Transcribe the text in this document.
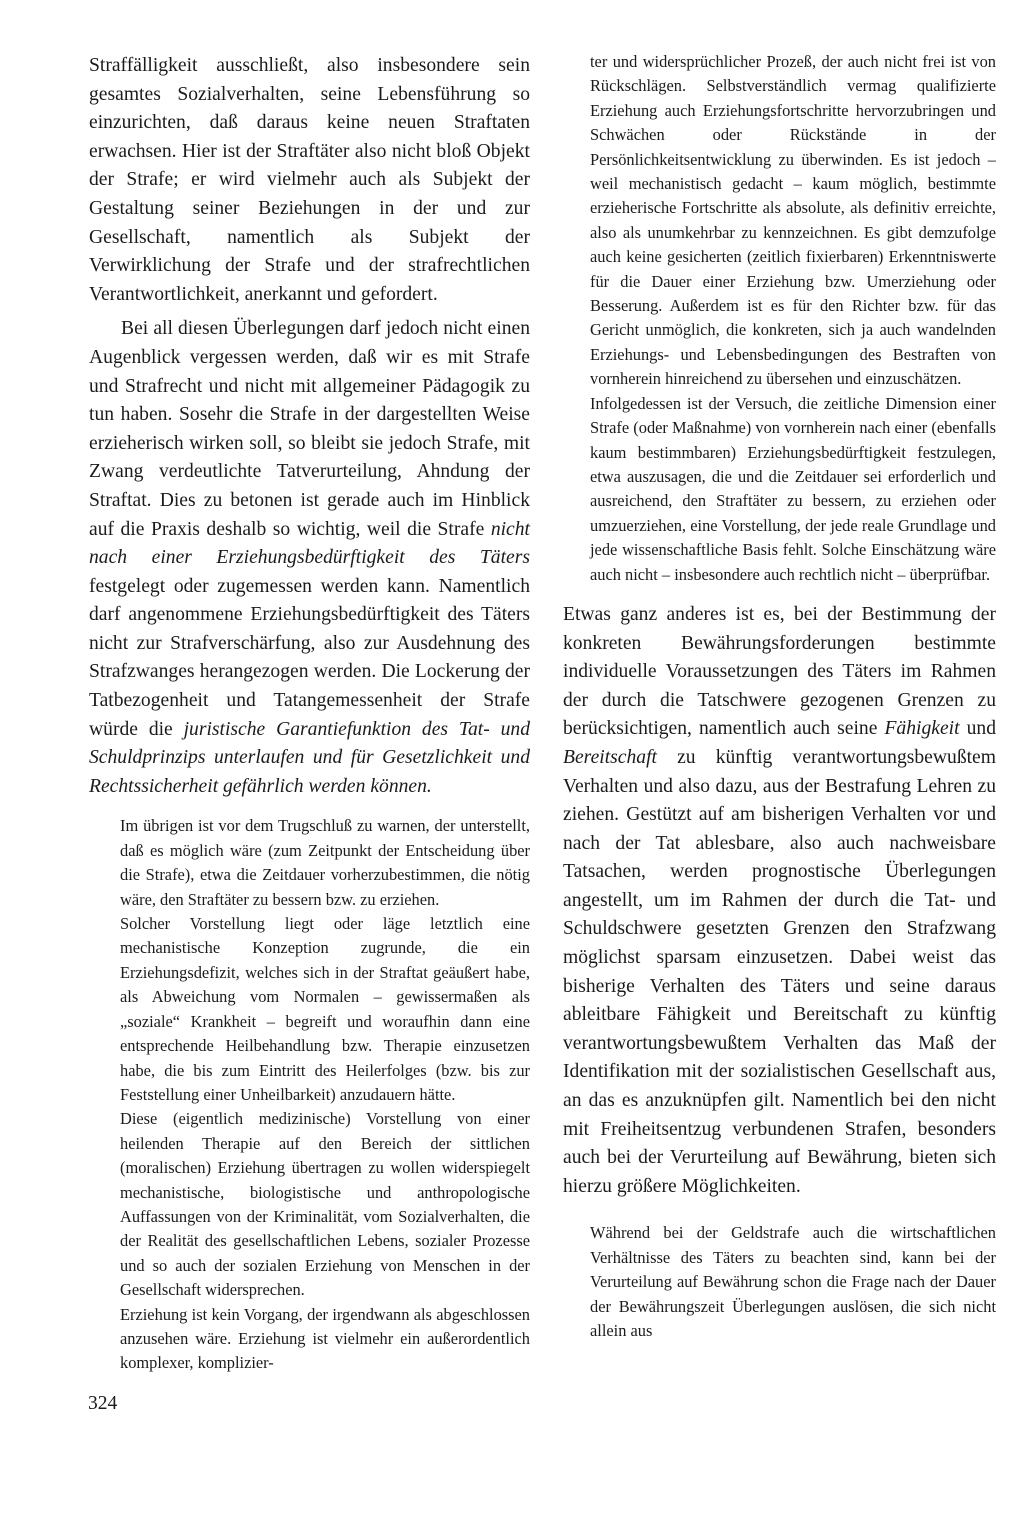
Straffälligkeit ausschließt, also insbesondere sein gesamtes Sozialverhalten, seine Lebensführung so einzurichten, daß daraus keine neuen Straftaten erwachsen. Hier ist der Straftäter also nicht bloß Objekt der Strafe; er wird vielmehr auch als Subjekt der Gestaltung seiner Beziehungen in der und zur Gesellschaft, namentlich als Subjekt der Verwirklichung der Strafe und der strafrechtlichen Verantwortlichkeit, anerkannt und gefordert.

Bei all diesen Überlegungen darf jedoch nicht einen Augenblick vergessen werden, daß wir es mit Strafe und Strafrecht und nicht mit allgemeiner Pädagogik zu tun haben. Sosehr die Strafe in der dargestellten Weise erzieherisch wirken soll, so bleibt sie jedoch Strafe, mit Zwang verdeutlichte Tatverurteilung, Ahndung der Straftat. Dies zu betonen ist gerade auch im Hinblick auf die Praxis deshalb so wichtig, weil die Strafe nicht nach einer Erziehungsbedürftigkeit des Täters festgelegt oder zugemessen werden kann. Namentlich darf angenommene Erziehungsbedürftigkeit des Täters nicht zur Strafverschärfung, also zur Ausdehnung des Strafzwanges herangezogen werden. Die Lockerung der Tatbezogenheit und Tatangemessenheit der Strafe würde die juristische Garantiefunktion des Tat- und Schuldprinzips unterlaufen und für Gesetzlichkeit und Rechtssicherheit gefährlich werden können.

Im übrigen ist vor dem Trugschluß zu warnen, der unterstellt, daß es möglich wäre (zum Zeitpunkt der Entscheidung über die Strafe), etwa die Zeitdauer vorherzubestimmen, die nötig wäre, den Straftäter zu bessern bzw. zu erziehen.

Solcher Vorstellung liegt oder läge letztlich eine mechanistische Konzeption zugrunde, die ein Erziehungsdefizit, welches sich in der Straftat geäußert habe, als Abweichung vom Normalen – gewissermaßen als „soziale“ Krankheit – begreift und woraufhin dann eine entsprechende Heilbehandlung bzw. Therapie einzusetzen habe, die bis zum Eintritt des Heilerfolges (bzw. bis zur Feststellung einer Unheilbarkeit) anzudauern hätte.

Diese (eigentlich medizinische) Vorstellung von einer heilenden Therapie auf den Bereich der sittlichen (moralischen) Erziehung übertragen zu wollen widerspiegelt mechanistische, biologistische und anthropologische Auffassungen von der Kriminalität, vom Sozialverhalten, die der Realität des gesellschaftlichen Lebens, sozialer Prozesse und so auch der sozialen Erziehung von Menschen in der Gesellschaft widersprechen.

Erziehung ist kein Vorgang, der irgendwann als abgeschlossen anzusehen wäre. Erziehung ist vielmehr ein außerordentlich komplexer, komplizier-

ter und widersprüchlicher Prozeß, der auch nicht frei ist von Rückschlägen. Selbstverständlich vermag qualifizierte Erziehung auch Erziehungsfortschritte hervorzubringen und Schwächen oder Rückstände in der Persönlichkeitsentwicklung zu überwinden. Es ist jedoch – weil mechanistisch gedacht – kaum möglich, bestimmte erzieherische Fortschritte als absolute, als definitiv erreichte, also als unumkehrbar zu kennzeichnen. Es gibt demzufolge auch keine gesicherten (zeitlich fixierbaren) Erkenntniswerte für die Dauer einer Erziehung bzw. Umerziehung oder Besserung. Außerdem ist es für den Richter bzw. für das Gericht unmöglich, die konkreten, sich ja auch wandelnden Erziehungs- und Lebensbedingungen des Bestraften von vornherein hinreichend zu übersehen und einzuschätzen.

Infolgedessen ist der Versuch, die zeitliche Dimension einer Strafe (oder Maßnahme) von vornherein nach einer (ebenfalls kaum bestimmbaren) Erziehungsbedürftigkeit festzulegen, etwa auszusagen, die und die Zeitdauer sei erforderlich und ausreichend, den Straftäter zu bessern, zu erziehen oder umzuerziehen, eine Vorstellung, der jede reale Grundlage und jede wissenschaftliche Basis fehlt. Solche Einschätzung wäre auch nicht – insbesondere auch rechtlich nicht – überprüfbar.

Etwas ganz anderes ist es, bei der Bestimmung der konkreten Bewährungsforderungen bestimmte individuelle Voraussetzungen des Täters im Rahmen der durch die Tatschwere gezogenen Grenzen zu berücksichtigen, namentlich auch seine Fähigkeit und Bereitschaft zu künftig verantwortungsbewußtem Verhalten und also dazu, aus der Bestrafung Lehren zu ziehen. Gestützt auf am bisherigen Verhalten vor und nach der Tat ablesbare, also auch nachweisbare Tatsachen, werden prognostische Überlegungen angestellt, um im Rahmen der durch die Tat- und Schuldschwere gesetzten Grenzen den Strafzwang möglichst sparsam einzusetzen. Dabei weist das bisherige Verhalten des Täters und seine daraus ableitbare Fähigkeit und Bereitschaft zu künftig verantwortungsbewußtem Verhalten das Maß der Identifikation mit der sozialistischen Gesellschaft aus, an das es anzuknüpfen gilt. Namentlich bei den nicht mit Freiheitsentzug verbundenen Strafen, besonders auch bei der Verurteilung auf Bewährung, bieten sich hierzu größere Möglichkeiten.

Während bei der Geldstrafe auch die wirtschaftlichen Verhältnisse des Täters zu beachten sind, kann bei der Verurteilung auf Bewährung schon die Frage nach der Dauer der Bewährungszeit Überlegungen auslösen, die sich nicht allein aus

324
